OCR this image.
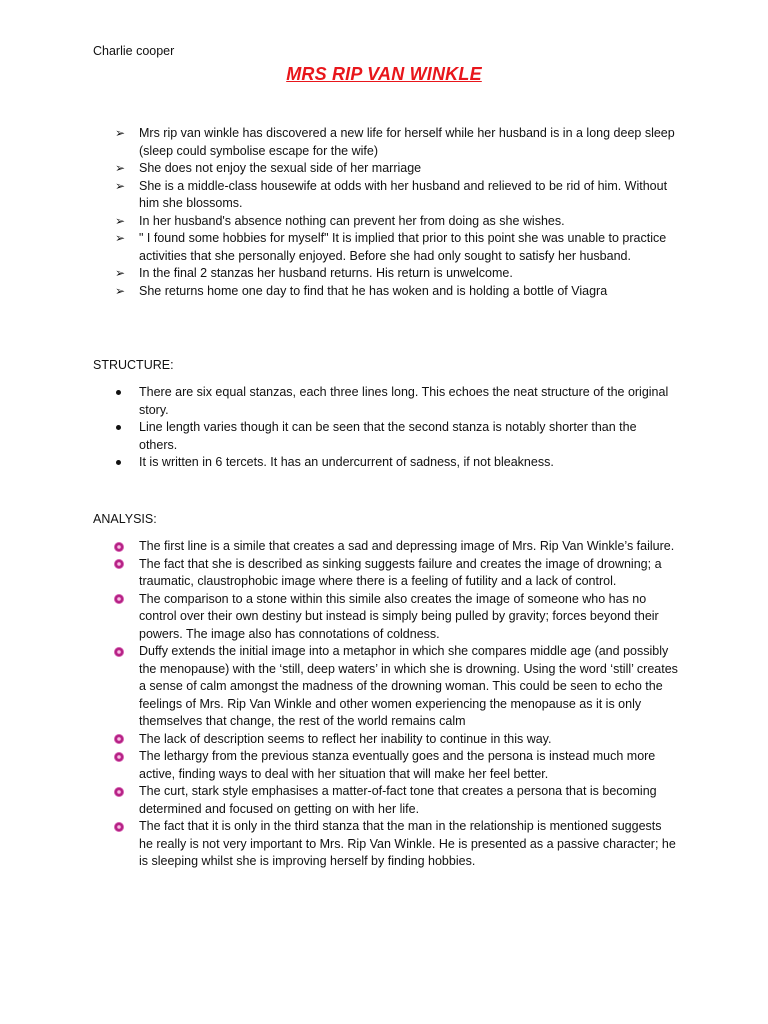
Charlie cooper
MRS RIP VAN WINKLE
➢	Mrs rip van winkle has discovered a new life for herself while her husband is in a long deep sleep (sleep could symbolise escape for the wife)
➢	She does not enjoy the sexual side of her marriage
➢	She is a middle-class housewife at odds with her husband and relieved to be rid of him. Without him she blossoms.
➢	In her husband's absence nothing can prevent her from doing as she wishes.
➢	" I found some hobbies for myself" It is implied that prior to this point she was unable to practice activities that she personally enjoyed. Before she had only sought to satisfy her husband.
➢	In the final 2 stanzas her husband returns. His return is unwelcome.
➢	She returns home one day to find that he has woken and is holding a bottle of Viagra
STRUCTURE:
There are six equal stanzas, each three lines long. This echoes the neat structure of the original story.
Line length varies though it can be seen that the second stanza is notably shorter than the others.
It is written in 6 tercets. It has an undercurrent of sadness, if not bleakness.
ANALYSIS:
The first line is a simile that creates a sad and depressing image of Mrs. Rip Van Winkle’s failure.
The fact that she is described as sinking suggests failure and creates the image of drowning; a traumatic, claustrophobic image where there is a feeling of futility and a lack of control.
The comparison to a stone within this simile also creates the image of someone who has no control over their own destiny but instead is simply being pulled by gravity; forces beyond their powers. The image also has connotations of coldness.
Duffy extends the initial image into a metaphor in which she compares middle age (and possibly the menopause) with the ‘still, deep waters’ in which she is drowning. Using the word ‘still’ creates a sense of calm amongst the madness of the drowning woman. This could be seen to echo the feelings of Mrs. Rip Van Winkle and other women experiencing the menopause as it is only themselves that change, the rest of the world remains calm
The lack of description seems to reflect her inability to continue in this way.
The lethargy from the previous stanza eventually goes and the persona is instead much more active, finding ways to deal with her situation that will make her feel better.
The curt, stark style emphasises a matter-of-fact tone that creates a persona that is becoming determined and focused on getting on with her life.
The fact that it is only in the third stanza that the man in the relationship is mentioned suggests he really is not very important to Mrs. Rip Van Winkle. He is presented as a passive character; he is sleeping whilst she is improving herself by finding hobbies.
